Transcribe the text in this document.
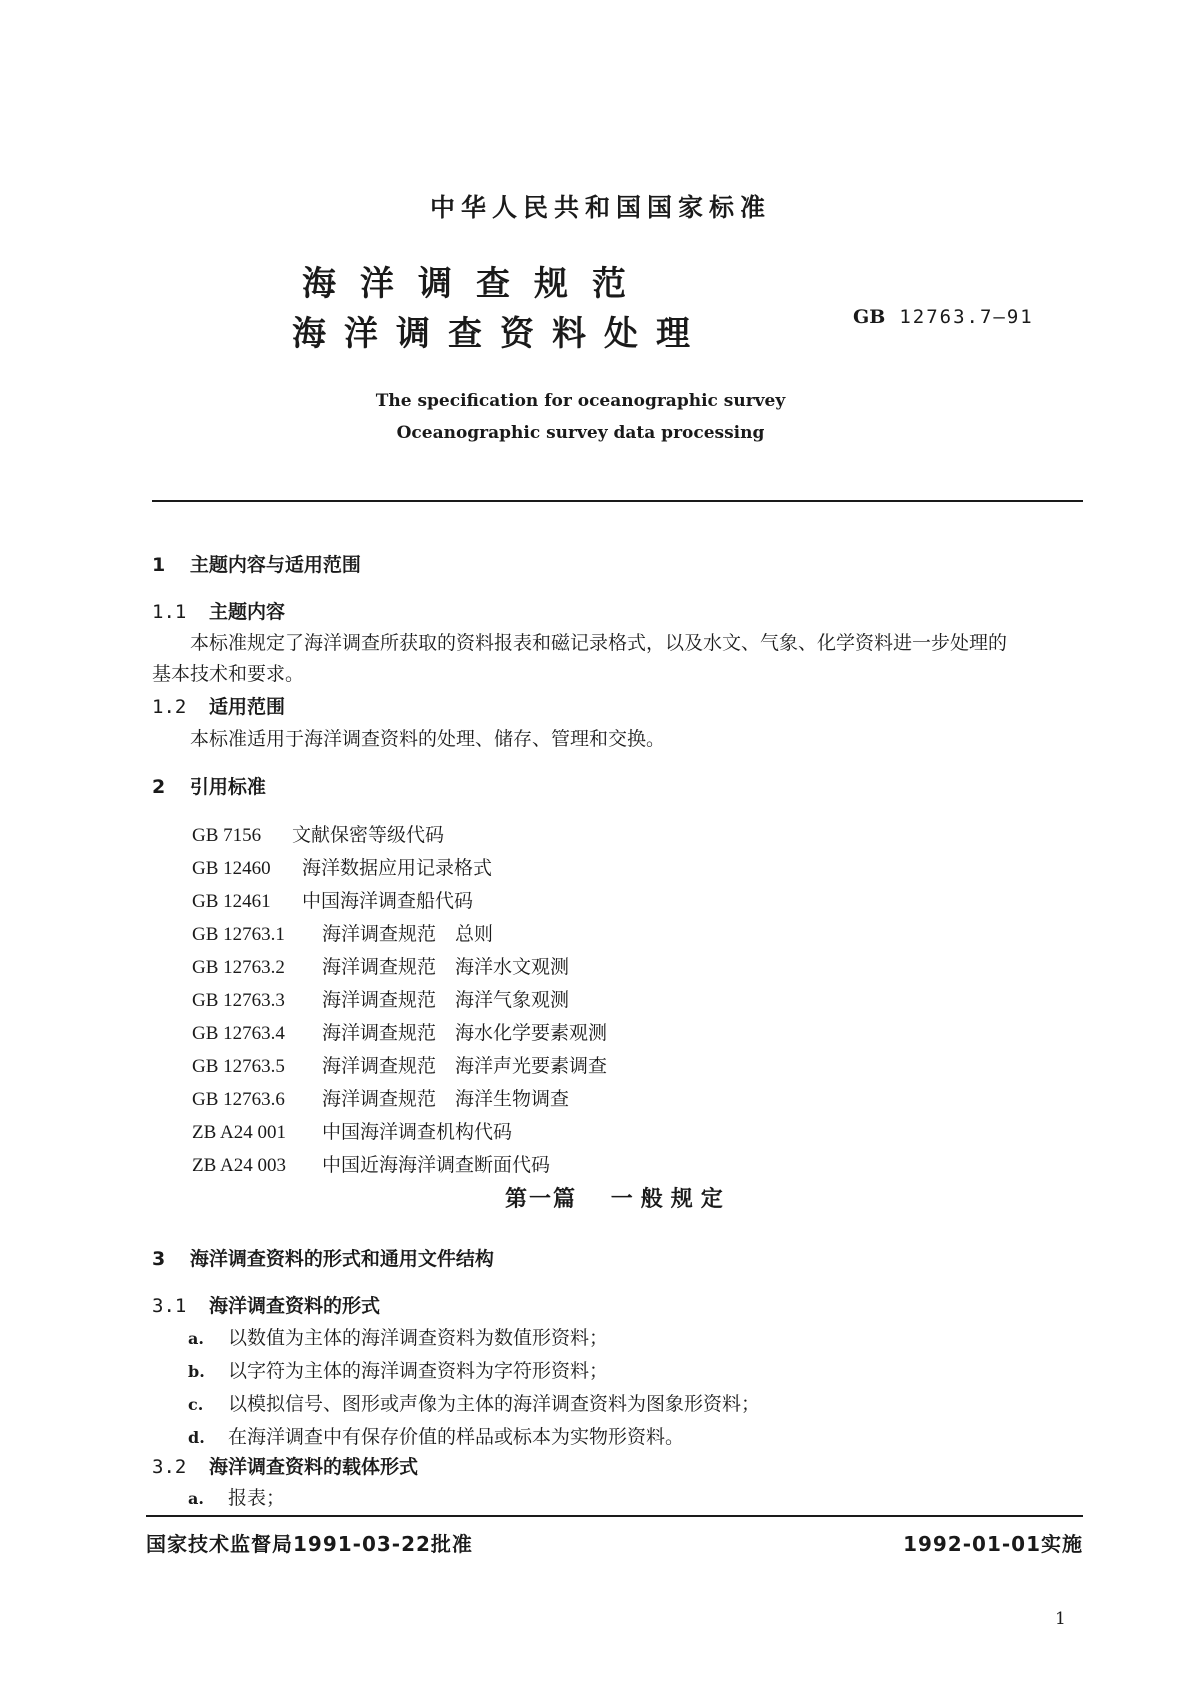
中华人民共和国国家标准
海洋调查规范
海洋调查资料处理	GB 12763.7—91
The specification for oceanographic survey
Oceanographic survey data processing
1 主题内容与适用范围
1.1 主题内容
本标准规定了海洋调查所获取的资料报表和磁记录格式，以及水文、气象、化学资料进一步处理的
基本技术和要求。
1.2 适用范围
本标准适用于海洋调查资料的处理、储存、管理和交换。
2 引用标准
GB 7156 文献保密等级代码
GB 12460 海洋数据应用记录格式
GB 12461 中国海洋调查船代码
GB 12763.1 海洋调查规范　总则
GB 12763.2 海洋调查规范　海洋水文观测
GB 12763.3 海洋调查规范　海洋气象观测
GB 12763.4 海洋调查规范　海水化学要素观测
GB 12763.5 海洋调查规范　海洋声光要素调查
GB 12763.6 海洋调查规范　海洋生物调查
ZB A24 001 中国海洋调查机构代码
ZB A24 003 中国近海海洋调查断面代码
第一篇 一般规定
3 海洋调查资料的形式和通用文件结构
3.1 海洋调查资料的形式
a. 以数值为主体的海洋调查资料为数值形资料；
b. 以字符为主体的海洋调查资料为字符形资料；
c. 以模拟信号、图形或声像为主体的海洋调查资料为图象形资料；
d. 在海洋调查中有保存价值的样品或标本为实物形资料。
3.2 海洋调查资料的载体形式
a. 报表；
国家技术监督局1991-03-22批准	1992-01-01实施
1
